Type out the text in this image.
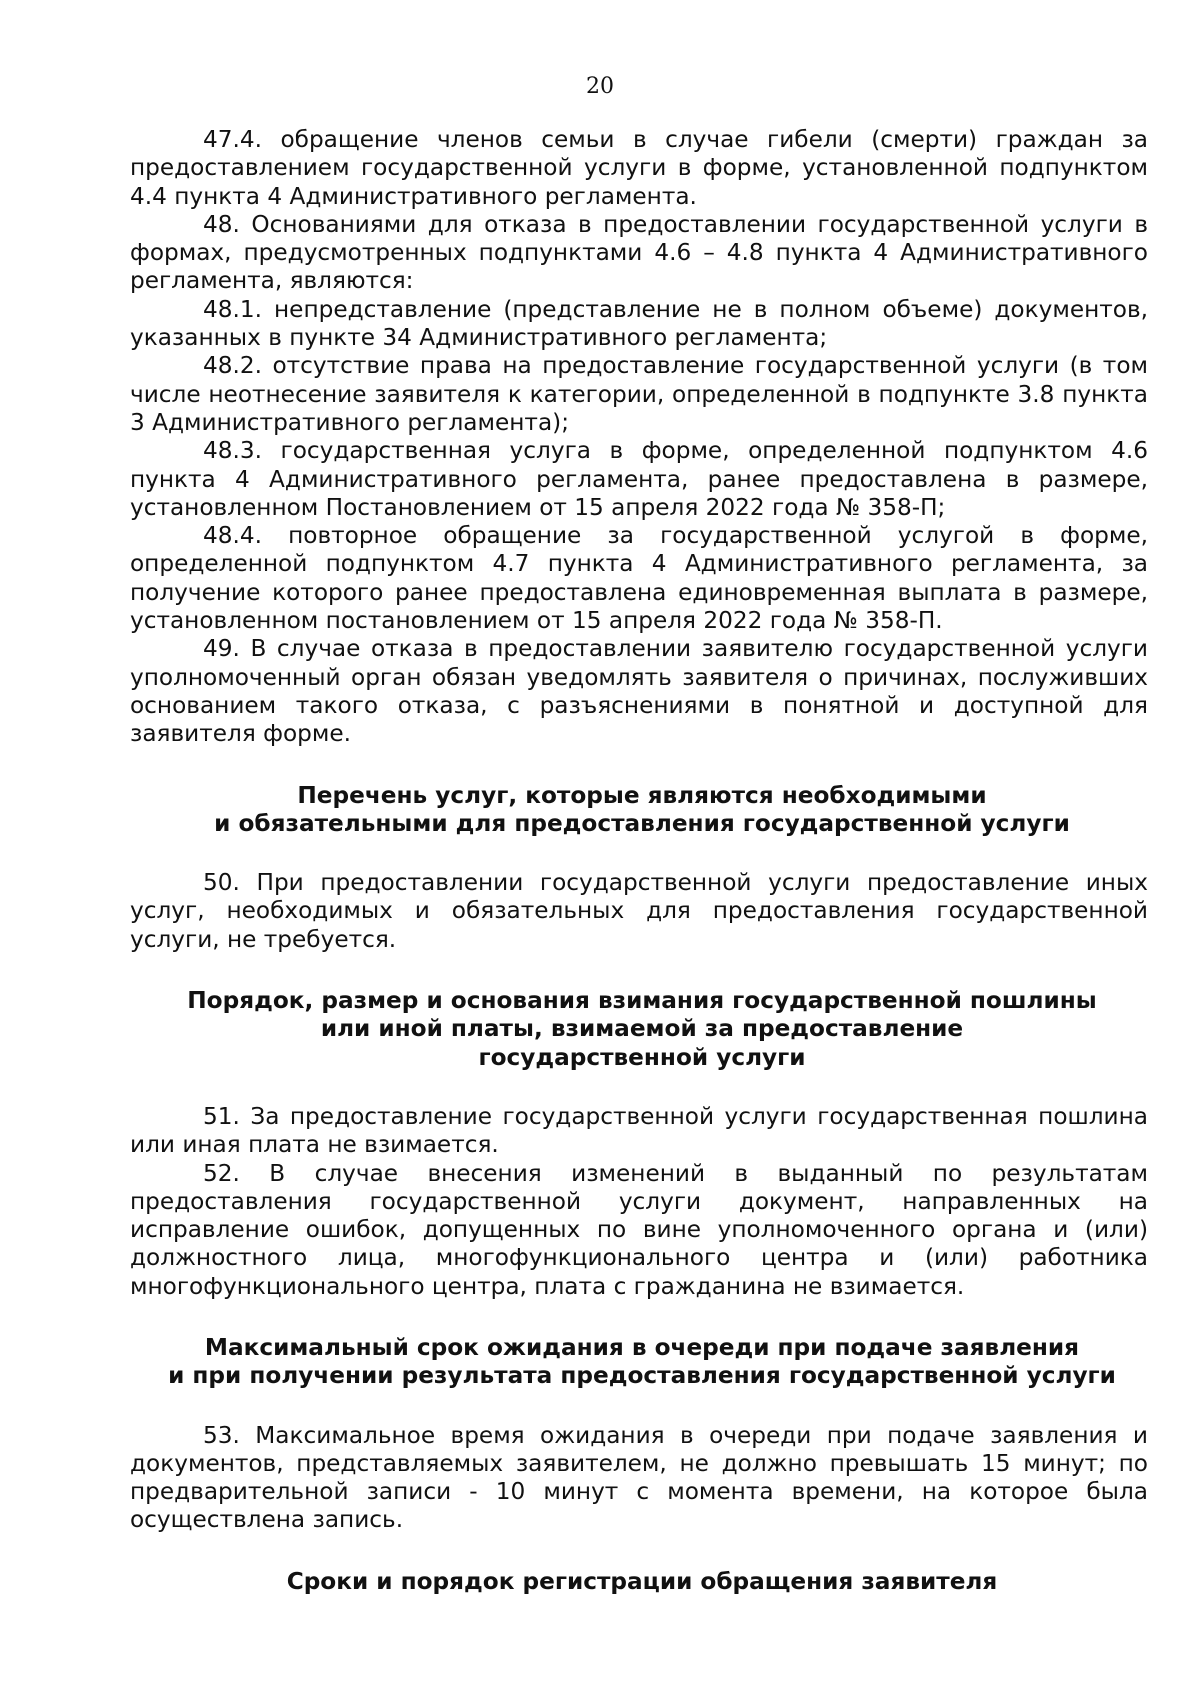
20

47.4. обращение членов семьи в случае гибели (смерти) граждан за предоставлением государственной услуги в форме, установленной подпунктом 4.4 пункта 4 Административного регламента.

48. Основаниями для отказа в предоставлении государственной услуги в формах, предусмотренных подпунктами 4.6 – 4.8 пункта 4 Административного регламента, являются:

48.1. непредставление (представление не в полном объеме) документов, указанных в пункте 34 Административного регламента;

48.2. отсутствие права на предоставление государственной услуги (в том числе неотнесение заявителя к категории, определенной в подпункте 3.8 пункта 3 Административного регламента);

48.3. государственная услуга в форме, определенной подпунктом 4.6 пункта 4 Административного регламента, ранее предоставлена в размере, установленном Постановлением от 15 апреля 2022 года № 358-П;

48.4. повторное обращение за государственной услугой в форме, определенной подпунктом 4.7 пункта 4 Административного регламента, за получение которого ранее предоставлена единовременная выплата в размере, установленном постановлением от 15 апреля 2022 года № 358-П.

49. В случае отказа в предоставлении заявителю государственной услуги уполномоченный орган обязан уведомлять заявителя о причинах, послуживших основанием такого отказа, с разъяснениями в понятной и доступной для заявителя форме.

Перечень услуг, которые являются необходимыми
и обязательными для предоставления государственной услуги

50. При предоставлении государственной услуги предоставление иных услуг, необходимых и обязательных для предоставления государственной услуги, не требуется.

Порядок, размер и основания взимания государственной пошлины
или иной платы, взимаемой за предоставление
государственной услуги

51. За предоставление государственной услуги государственная пошлина или иная плата не взимается.

52. В случае внесения изменений в выданный по результатам предоставления государственной услуги документ, направленных на исправление ошибок, допущенных по вине уполномоченного органа и (или) должностного лица, многофункционального центра и (или) работника многофункционального центра, плата с гражданина не взимается.

Максимальный срок ожидания в очереди при подаче заявления
и при получении результата предоставления государственной услуги

53. Максимальное время ожидания в очереди при подаче заявления и документов, представляемых заявителем, не должно превышать 15 минут; по предварительной записи - 10 минут с момента времени, на которое была осуществлена запись.

Сроки и порядок регистрации обращения заявителя
